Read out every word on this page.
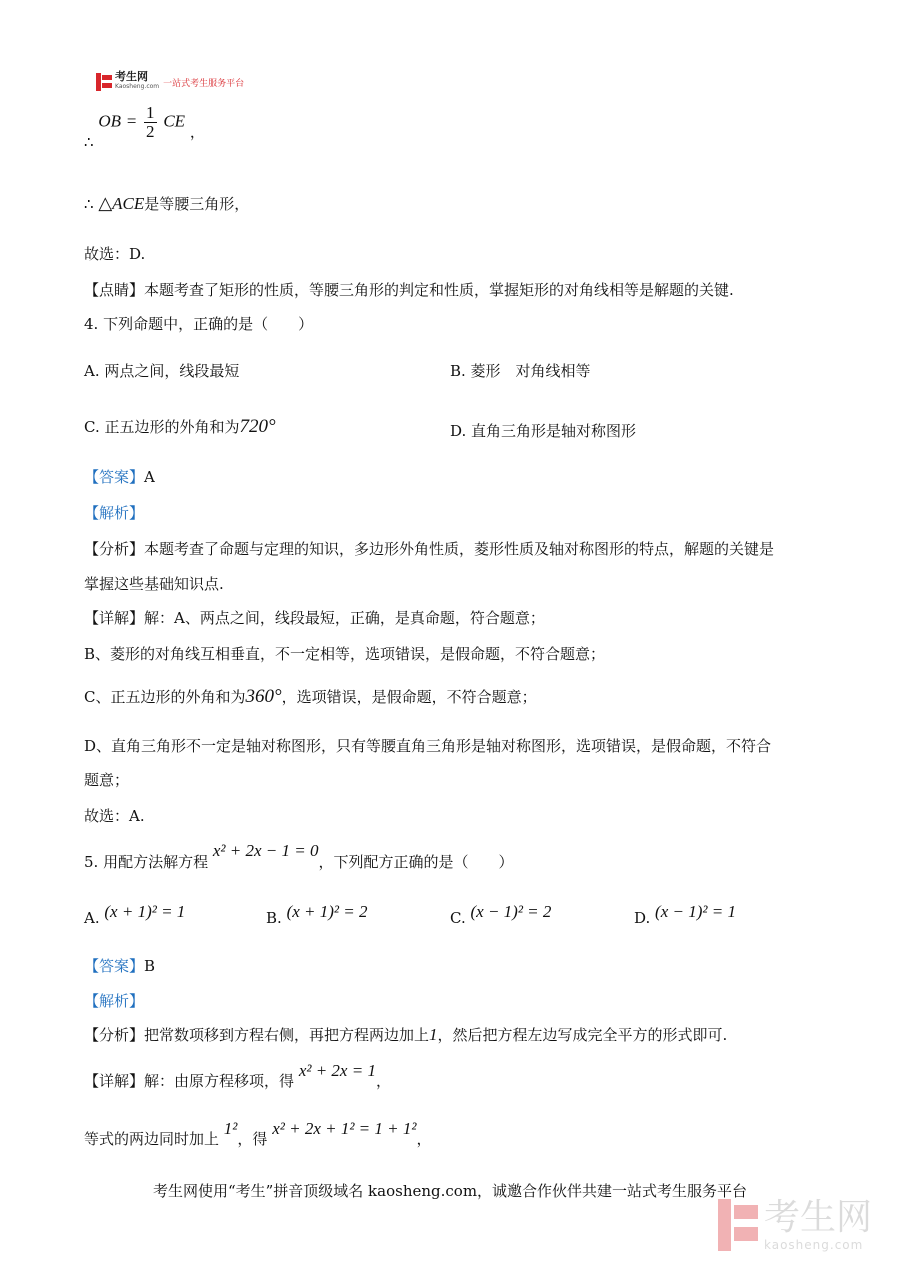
考生网
Kaosheng.com 一站式考生服务平台
∴ OB = $\frac{1}{2}$ CE ，
∴ △ACE是等腰三角形，
故选：D.
【点睛】本题考查了矩形的性质，等腰三角形的判定和性质，掌握矩形的对角线相等是解题的关键.
4. 下列命题中，正确的是（　　）
A. 两点之间，线段最短	B. 菱形　对角线相等
C. 正五边形的外角和为720°	D. 直角三角形是轴对称图形
【答案】A
【解析】
【分析】本题考查了命题与定理的知识，多边形外角性质，菱形性质及轴对称图形的特点，解题的关键是
掌握这些基础知识点.
【详解】解：A、两点之间，线段最短，正确，是真命题，符合题意；
B、菱形的对角线互相垂直，不一定相等，选项错误，是假命题，不符合题意；
C、正五边形的外角和为360°，选项错误，是假命题，不符合题意；
D、直角三角形不一定是轴对称图形，只有等腰直角三角形是轴对称图形，选项错误，是假命题，不符合
题意；
故选：A.
5. 用配方法解方程 x² + 2x − 1 = 0，下列配方正确的是（　　）
A. (x + 1)² = 1	B. (x + 1)² = 2	C. (x − 1)² = 2	D. (x − 1)² = 1
【答案】B
【解析】
【分析】把常数项移到方程右侧，再把方程两边加上1，然后把方程左边写成完全平方的形式即可.
【详解】解：由原方程移项，得 x² + 2x = 1，
等式的两边同时加上 1²，得 x² + 2x + 1² = 1 + 1²，
考生网使用“考生”拼音顶级域名 kaosheng.com，诚邀合作伙伴共建一站式考生服务平台
考生网
kaosheng.com
